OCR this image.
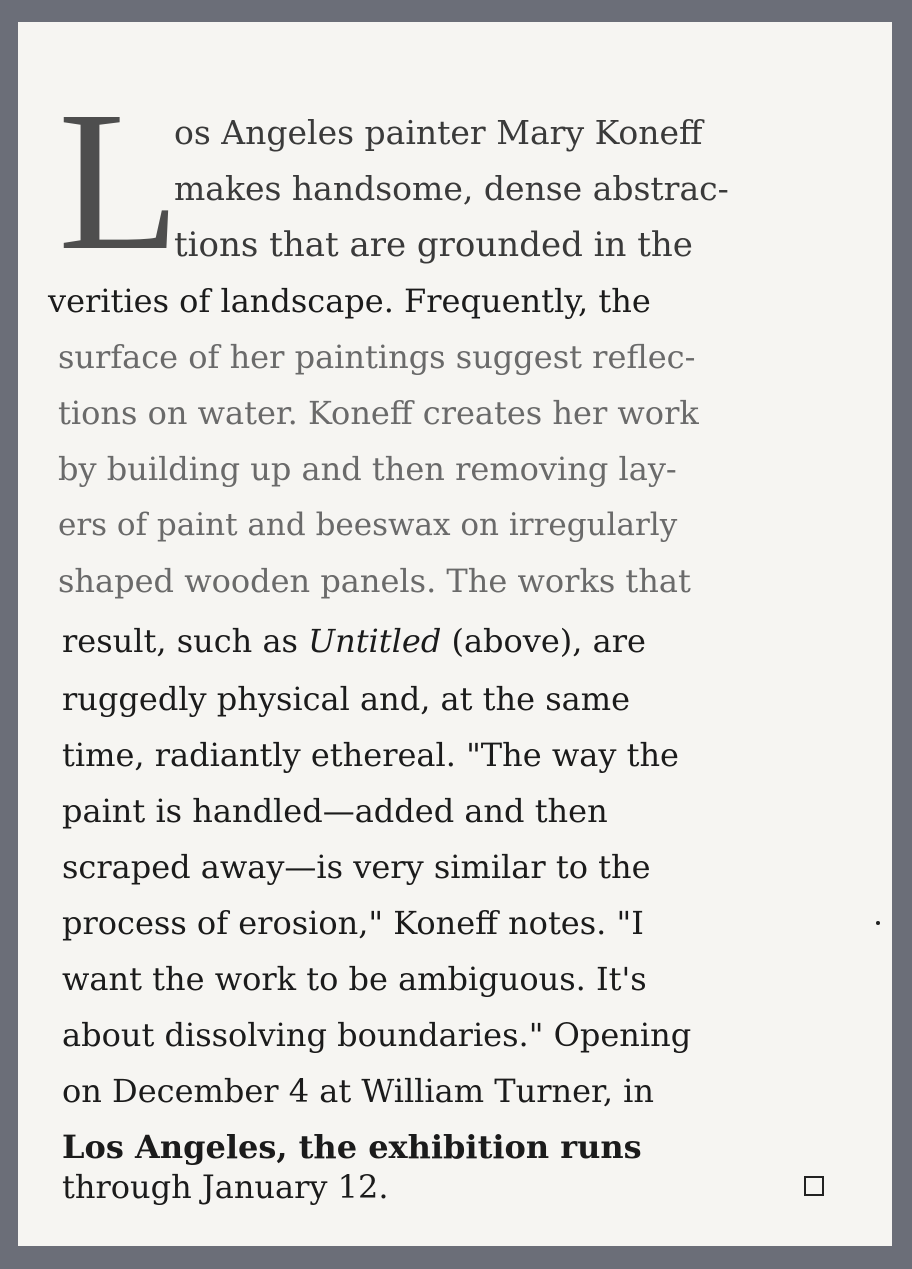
L
os Angeles painter Mary Koneff
makes handsome, dense abstrac-
tions that are grounded in the
verities of landscape. Frequently, the
surface of her paintings suggest reflec-
tions on water. Koneff creates her work
by building up and then removing lay-
ers of paint and beeswax on irregularly
shaped wooden panels. The works that
result, such as Untitled (above), are
ruggedly physical and, at the same
time, radiantly ethereal. "The way the
paint is handled—added and then
scraped away—is very similar to the
process of erosion," Koneff notes. "I
want the work to be ambiguous. It's
about dissolving boundaries." Opening
on December 4 at William Turner, in
Los Angeles, the exhibition runs
through January 12.
